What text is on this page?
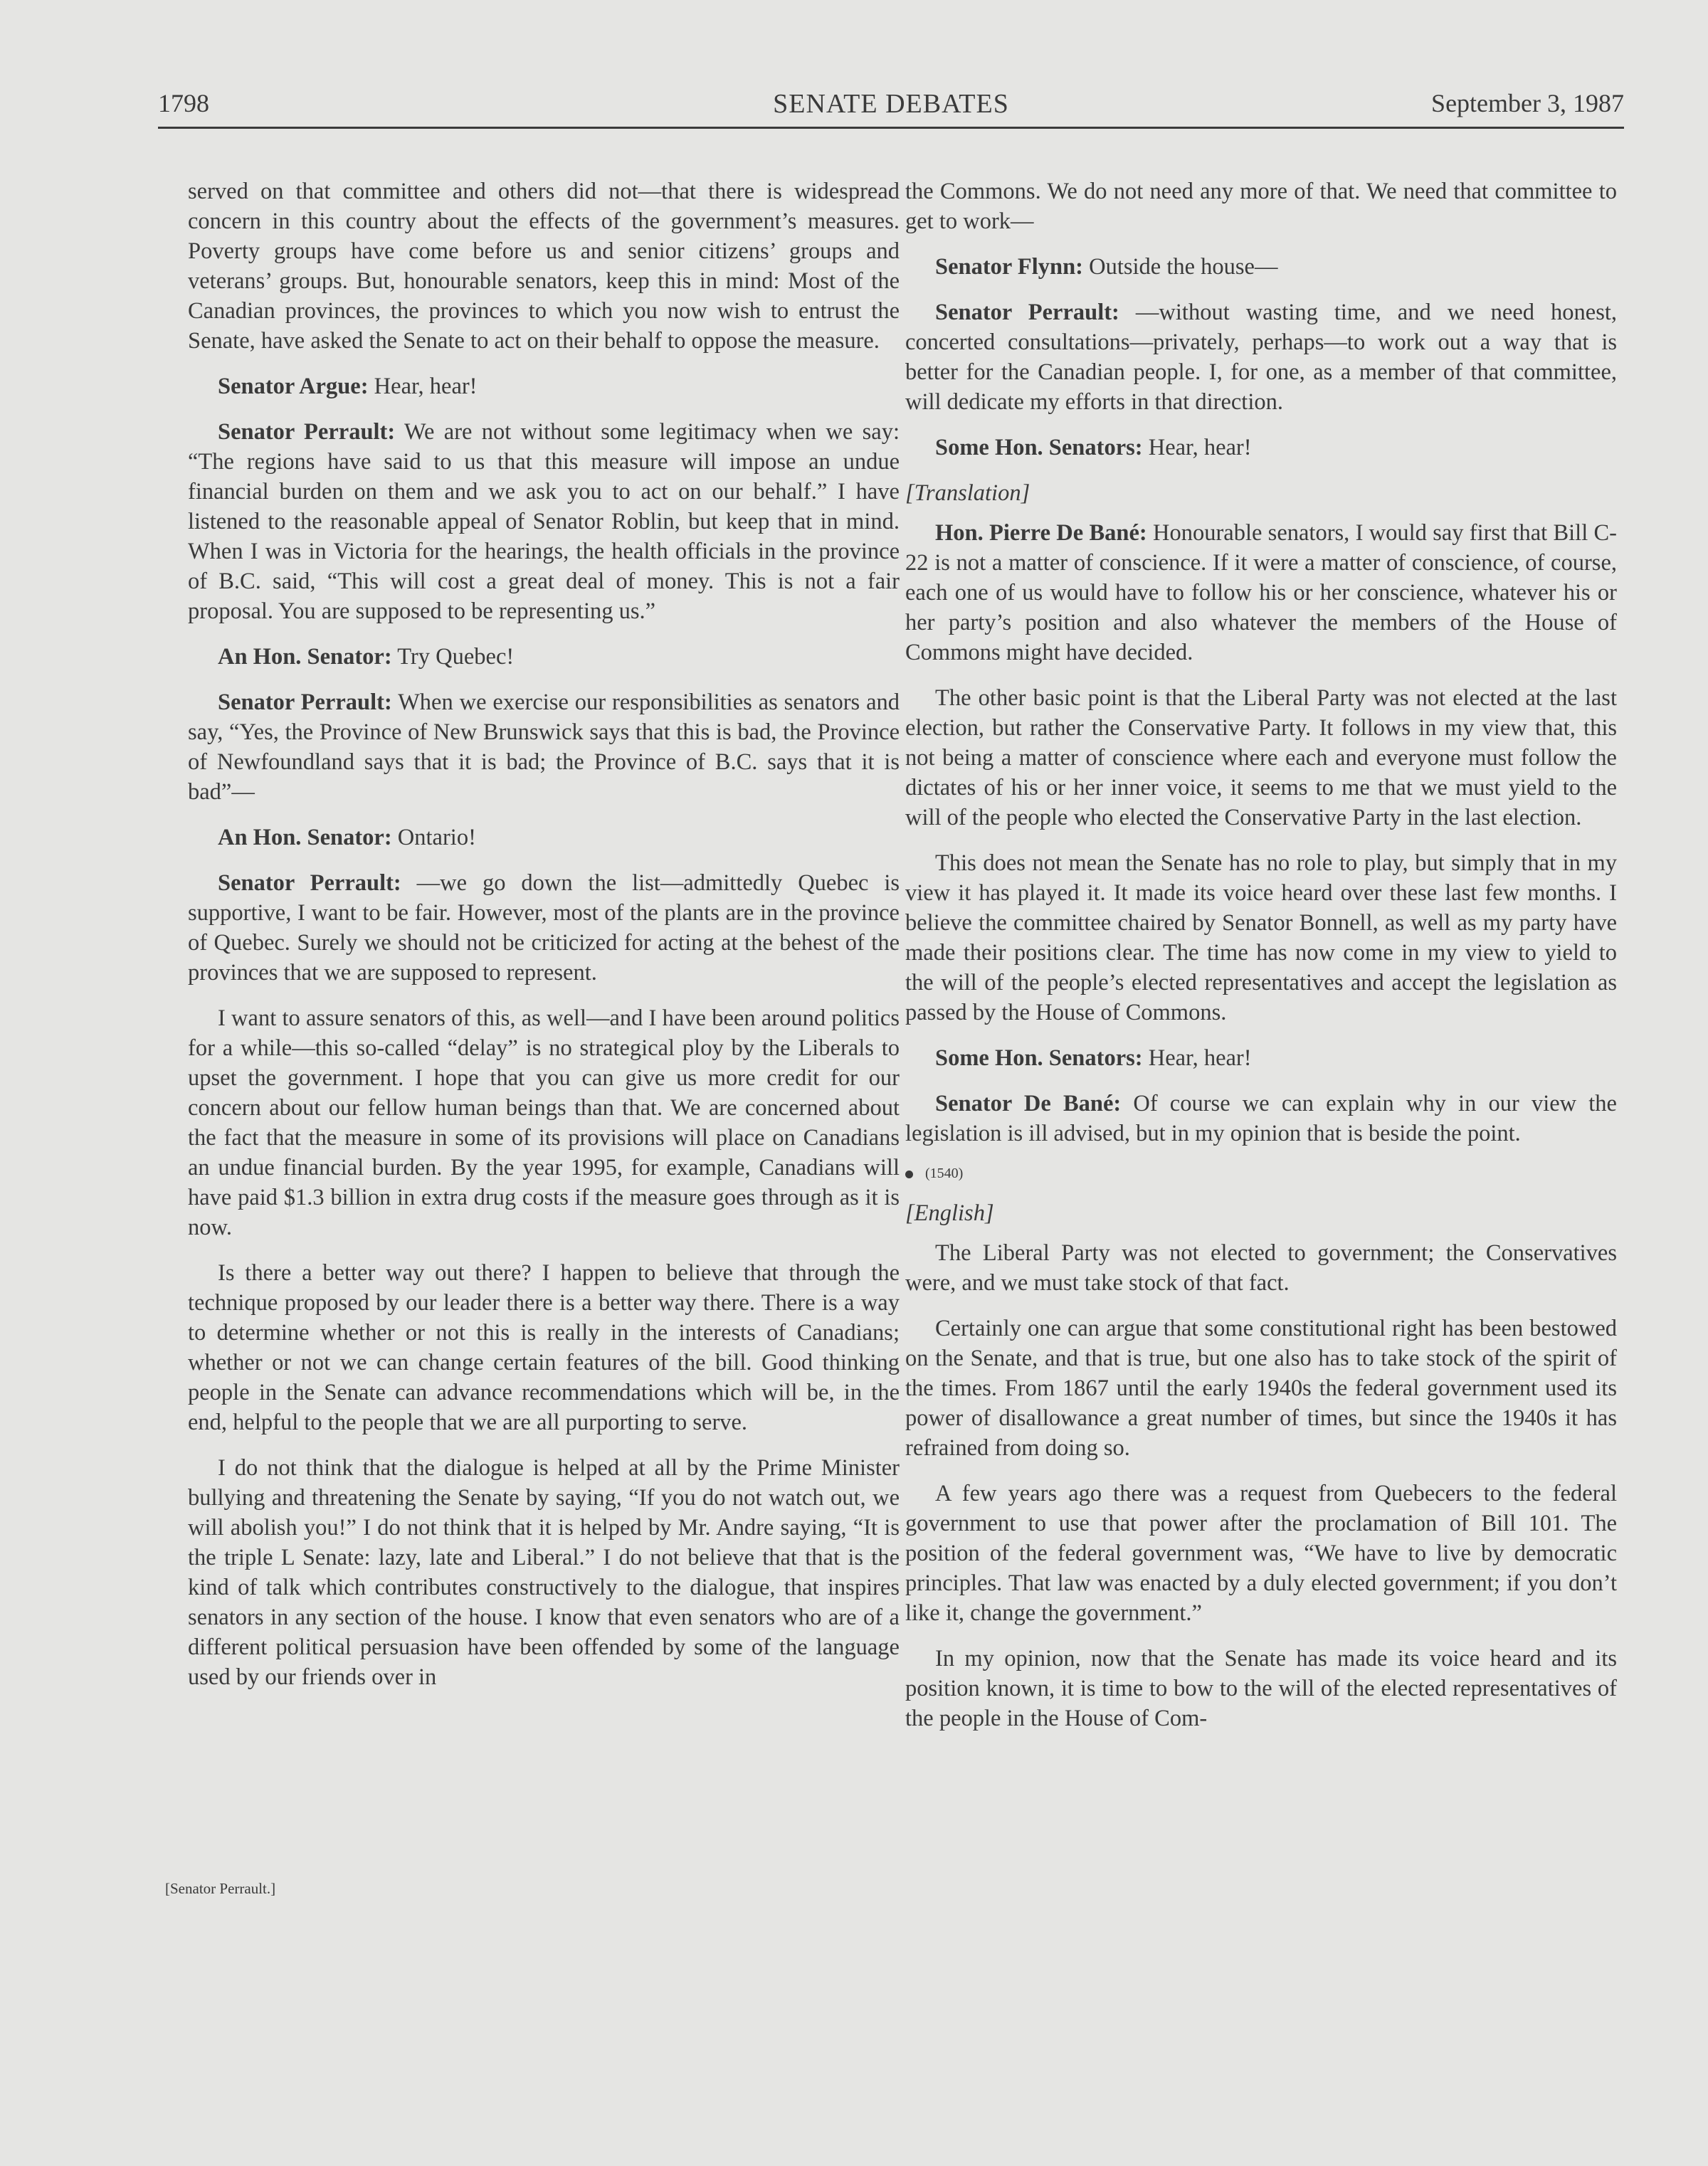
1798	SENATE DEBATES	September 3, 1987

served on that committee and others did not—that there is widespread concern in this country about the effects of the government’s measures. Poverty groups have come before us and senior citizens’ groups and veterans’ groups. But, honourable senators, keep this in mind: Most of the Canadian provinces, the provinces to which you now wish to entrust the Senate, have asked the Senate to act on their behalf to oppose the measure.

Senator Argue: Hear, hear!

Senator Perrault: We are not without some legitimacy when we say: “The regions have said to us that this measure will impose an undue financial burden on them and we ask you to act on our behalf.” I have listened to the reasonable appeal of Senator Roblin, but keep that in mind. When I was in Victoria for the hearings, the health officials in the province of B.C. said, “This will cost a great deal of money. This is not a fair proposal. You are supposed to be representing us.”

An Hon. Senator: Try Quebec!

Senator Perrault: When we exercise our responsibilities as senators and say, “Yes, the Province of New Brunswick says that this is bad, the Province of Newfoundland says that it is bad; the Province of B.C. says that it is bad”—

An Hon. Senator: Ontario!

Senator Perrault: —we go down the list—admittedly Quebec is supportive, I want to be fair. However, most of the plants are in the province of Quebec. Surely we should not be criticized for acting at the behest of the provinces that we are supposed to represent.

I want to assure senators of this, as well—and I have been around politics for a while—this so-called “delay” is no strategical ploy by the Liberals to upset the government. I hope that you can give us more credit for our concern about our fellow human beings than that. We are concerned about the fact that the measure in some of its provisions will place on Canadians an undue financial burden. By the year 1995, for example, Canadians will have paid $1.3 billion in extra drug costs if the measure goes through as it is now.

Is there a better way out there? I happen to believe that through the technique proposed by our leader there is a better way there. There is a way to determine whether or not this is really in the interests of Canadians; whether or not we can change certain features of the bill. Good thinking people in the Senate can advance recommendations which will be, in the end, helpful to the people that we are all purporting to serve.

I do not think that the dialogue is helped at all by the Prime Minister bullying and threatening the Senate by saying, “If you do not watch out, we will abolish you!” I do not think that it is helped by Mr. Andre saying, “It is the triple L Senate: lazy, late and Liberal.” I do not believe that that is the kind of talk which contributes constructively to the dialogue, that inspires senators in any section of the house. I know that even senators who are of a different political persuasion have been offended by some of the language used by our friends over in

[Senator Perrault.]

the Commons. We do not need any more of that. We need that committee to get to work—

Senator Flynn: Outside the house—

Senator Perrault: —without wasting time, and we need honest, concerted consultations—privately, perhaps—to work out a way that is better for the Canadian people. I, for one, as a member of that committee, will dedicate my efforts in that direction.

Some Hon. Senators: Hear, hear!

[Translation]

Hon. Pierre De Bané: Honourable senators, I would say first that Bill C-22 is not a matter of conscience. If it were a matter of conscience, of course, each one of us would have to follow his or her conscience, whatever his or her party’s position and also whatever the members of the House of Commons might have decided.

The other basic point is that the Liberal Party was not elected at the last election, but rather the Conservative Party. It follows in my view that, this not being a matter of conscience where each and everyone must follow the dictates of his or her inner voice, it seems to me that we must yield to the will of the people who elected the Conservative Party in the last election.

This does not mean the Senate has no role to play, but simply that in my view it has played it. It made its voice heard over these last few months. I believe the committee chaired by Senator Bonnell, as well as my party have made their positions clear. The time has now come in my view to yield to the will of the people’s elected representatives and accept the legislation as passed by the House of Commons.

Some Hon. Senators: Hear, hear!

Senator De Bané: Of course we can explain why in our view the legislation is ill advised, but in my opinion that is beside the point.

(1540)

[English]

The Liberal Party was not elected to government; the Conservatives were, and we must take stock of that fact.

Certainly one can argue that some constitutional right has been bestowed on the Senate, and that is true, but one also has to take stock of the spirit of the times. From 1867 until the early 1940s the federal government used its power of disallowance a great number of times, but since the 1940s it has refrained from doing so.

A few years ago there was a request from Quebecers to the federal government to use that power after the proclamation of Bill 101. The position of the federal government was, “We have to live by democratic principles. That law was enacted by a duly elected government; if you don’t like it, change the government.”

In my opinion, now that the Senate has made its voice heard and its position known, it is time to bow to the will of the elected representatives of the people in the House of Com-
